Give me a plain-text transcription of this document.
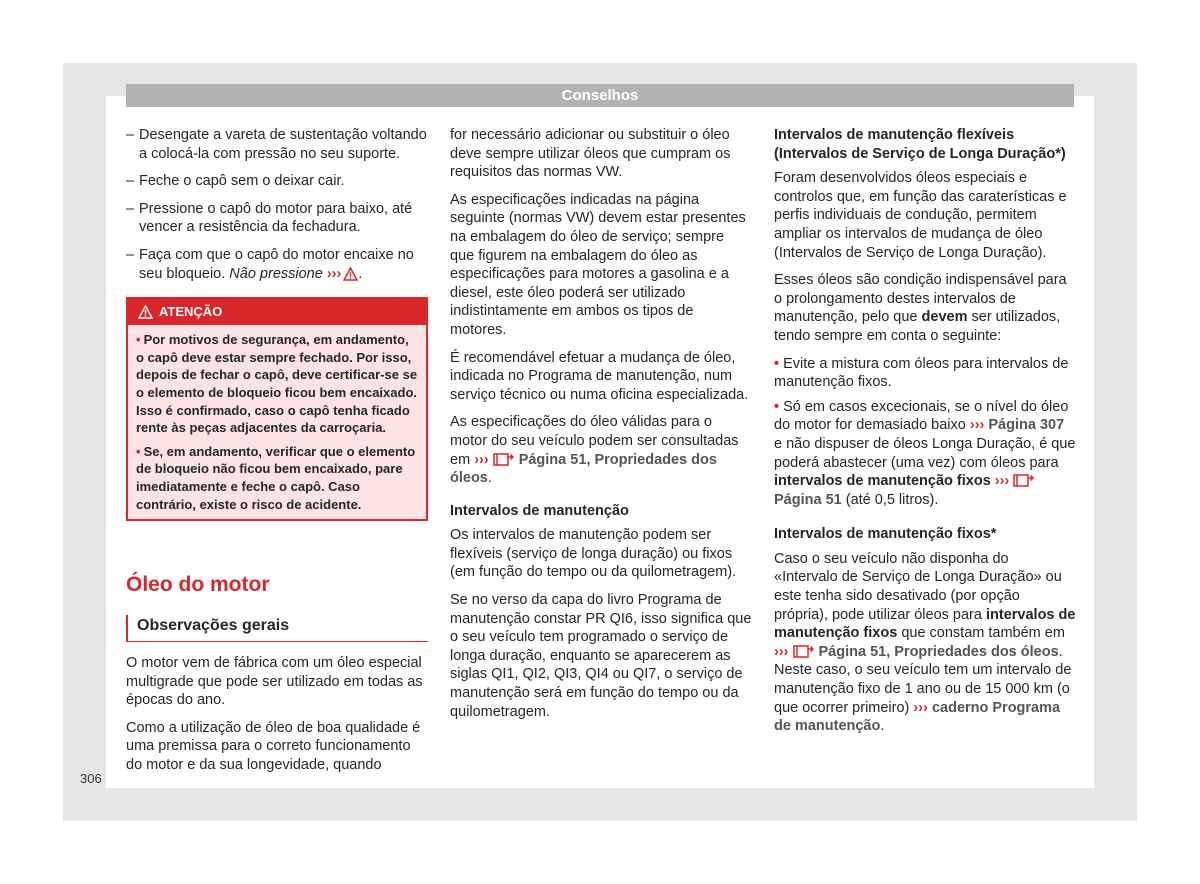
Conselhos
– Desengate a vareta de sustentação voltando a colocá-la com pressão no seu suporte.
– Feche o capô sem o deixar cair.
– Pressione o capô do motor para baixo, até vencer a resistência da fechadura.
– Faça com que o capô do motor encaixe no seu bloqueio. Não pressione ››› .
ATENÇÃO

• Por motivos de segurança, em andamento, o capô deve estar sempre fechado. Por isso, depois de fechar o capô, deve certificar-se se o elemento de bloqueio ficou bem encaixado. Isso é confirmado, caso o capô tenha ficado rente às peças adjacentes da carroçaria.

• Se, em andamento, verificar que o elemento de bloqueio não ficou bem encaixado, pare imediatamente e feche o capô. Caso contrário, existe o risco de acidente.

Óleo do motor
Observações gerais

O motor vem de fábrica com um óleo especial multigrade que pode ser utilizado em todas as épocas do ano.

Como a utilização de óleo de boa qualidade é uma premissa para o correto funcionamento do motor e da sua longevidade, quando

for necessário adicionar ou substituir o óleo deve sempre utilizar óleos que cumpram os requisitos das normas VW.

As especificações indicadas na página seguinte (normas VW) devem estar presentes na embalagem do óleo de serviço; sempre que figurem na embalagem do óleo as especificações para motores a gasolina e a diesel, este óleo poderá ser utilizado indistintamente em ambos os tipos de motores.

É recomendável efetuar a mudança de óleo, indicada no Programa de manutenção, num serviço técnico ou numa oficina especializada.

As especificações do óleo válidas para o motor do seu veículo podem ser consultadas em ››› Página 51, Propriedades dos óleos.

Intervalos de manutenção

Os intervalos de manutenção podem ser flexíveis (serviço de longa duração) ou fixos (em função do tempo ou da quilometragem).

Se no verso da capa do livro Programa de manutenção constar PR QI6, isso significa que o seu veículo tem programado o serviço de longa duração, enquanto se aparecerem as siglas QI1, QI2, QI3, QI4 ou QI7, o serviço de manutenção será em função do tempo ou da quilometragem.

Intervalos de manutenção flexíveis (Intervalos de Serviço de Longa Duração*)

Foram desenvolvidos óleos especiais e controlos que, em função das caraterísticas e perfis individuais de condução, permitem ampliar os intervalos de mudança de óleo (Intervalos de Serviço de Longa Duração).

Esses óleos são condição indispensável para o prolongamento destes intervalos de manutenção, pelo que devem ser utilizados, tendo sempre em conta o seguinte:

• Evite a mistura com óleos para intervalos de manutenção fixos.
• Só em casos excecionais, se o nível do óleo do motor for demasiado baixo ››› Página 307 e não dispuser de óleos Longa Duração, é que poderá abastecer (uma vez) com óleos para intervalos de manutenção fixos ›››Página 51 (até 0,5 litros).
Intervalos de manutenção fixos*

Caso o seu veículo não disponha do «Intervalo de Serviço de Longa Duração» ou este tenha sido desativado (por opção própria), pode utilizar óleos para intervalos de manutenção fixos que constam também em ››› Página 51, Propriedades dos óleos. Neste caso, o seu veículo tem um intervalo de manutenção fixo de 1 ano ou de 15 000 km (o que ocorrer primeiro) ››› caderno Programa de manutenção.

306
